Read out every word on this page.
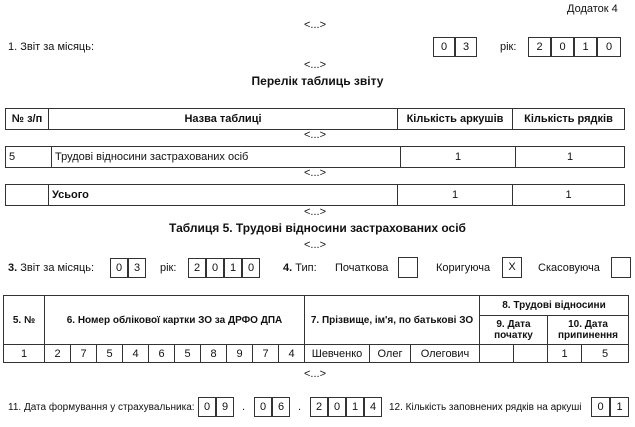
Додаток 4
<...>
1. Звіт за місяць:	0	3	рік:	2	0	1	0
<...>
Перелік таблиць звіту
№ з/п	Назва таблиці	Кількість аркушів	Кількість рядків
<...>
5	Трудові відносини застрахованих осіб	1	1
<...>
	Усього	1	1
<...>
Таблиця 5. Трудові відносини застрахованих осіб
<...>
3. Звіт за місяць:	0	3	рік:	2	0	1	0	4. Тип: Початкова	Коригуюча	X	Скасовуюча
5. №	6. Номер облікової картки ЗО за ДРФО ДПА										7. Прізвище, ім'я, по батькові ЗО			8. Трудові відносини			
														9. Дата початку		10. Дата припинення	
1	2	7	5	4	6	5	8	9	7	4	Шевченко	Олег	Олегович			1	5
<...>
11. Дата формування у страхувальника: 0	9	.	0	6	.	2	0	1	4	12. Кількість заповнених рядків на аркуші	0	1
